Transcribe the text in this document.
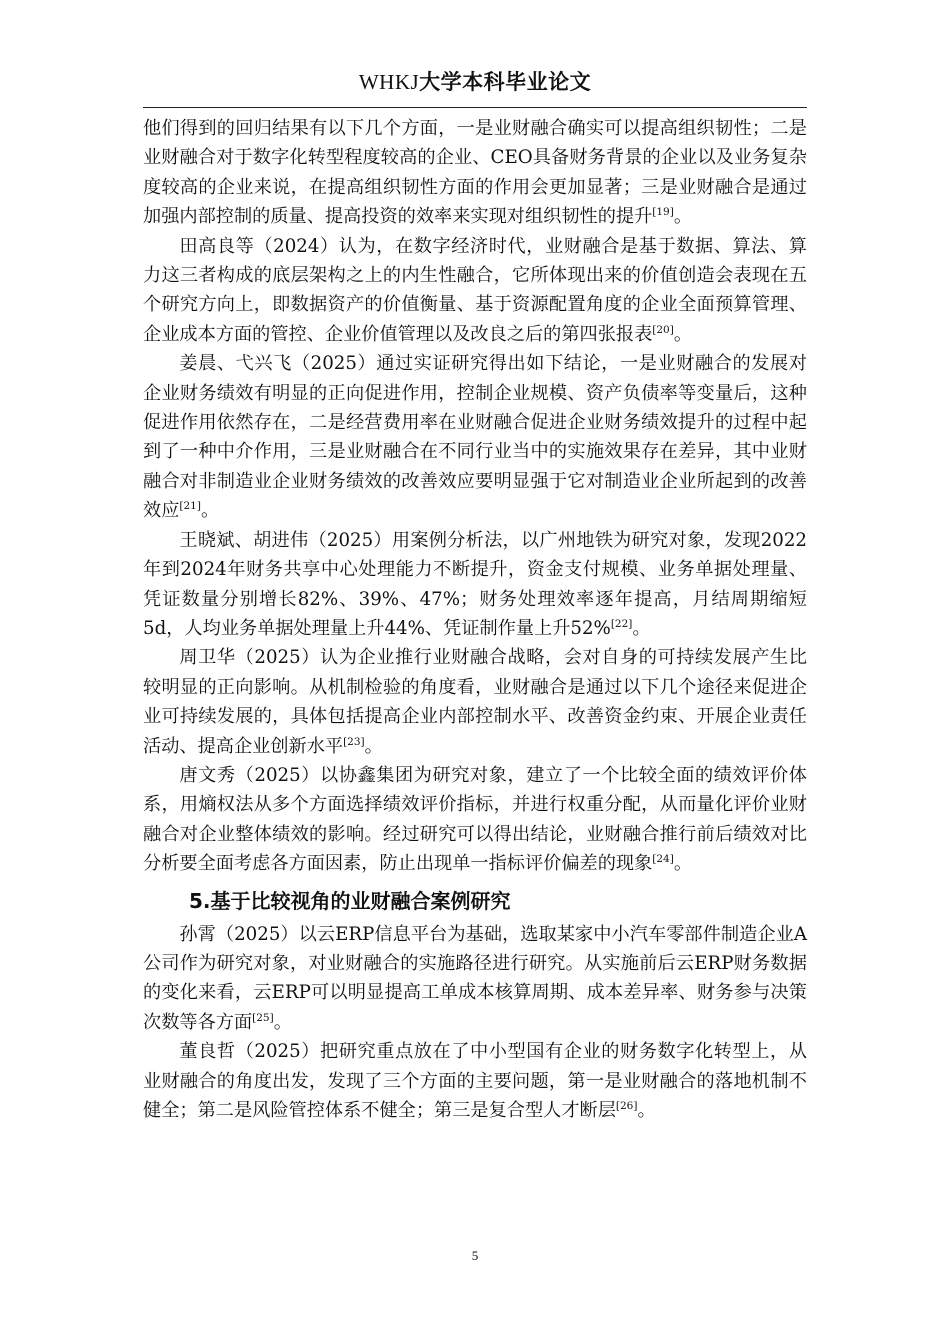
WHKJ大学本科毕业论文

他们得到的回归结果有以下几个方面，一是业财融合确实可以提高组织韧性；二是业财融合对于数字化转型程度较高的企业、CEO具备财务背景的企业以及业务复杂度较高的企业来说，在提高组织韧性方面的作用会更加显著；三是业财融合是通过加强内部控制的质量、提高投资的效率来实现对组织韧性的提升[19]。

田高良等（2024）认为，在数字经济时代，业财融合是基于数据、算法、算力这三者构成的底层架构之上的内生性融合，它所体现出来的价值创造会表现在五个研究方向上，即数据资产的价值衡量、基于资源配置角度的企业全面预算管理、企业成本方面的管控、企业价值管理以及改良之后的第四张报表[20]。

姜晨、弋兴飞（2025）通过实证研究得出如下结论，一是业财融合的发展对企业财务绩效有明显的正向促进作用，控制企业规模、资产负债率等变量后，这种促进作用依然存在，二是经营费用率在业财融合促进企业财务绩效提升的过程中起到了一种中介作用，三是业财融合在不同行业当中的实施效果存在差异，其中业财融合对非制造业企业财务绩效的改善效应要明显强于它对制造业企业所起到的改善效应[21]。

王晓斌、胡进伟（2025）用案例分析法，以广州地铁为研究对象，发现2022年到2024年财务共享中心处理能力不断提升，资金支付规模、业务单据处理量、凭证数量分别增长82%、39%、47%；财务处理效率逐年提高，月结周期缩短5d，人均业务单据处理量上升44%、凭证制作量上升52%[22]。

周卫华（2025）认为企业推行业财融合战略，会对自身的可持续发展产生比较明显的正向影响。从机制检验的角度看，业财融合是通过以下几个途径来促进企业可持续发展的，具体包括提高企业内部控制水平、改善资金约束、开展企业责任活动、提高企业创新水平[23]。

唐文秀（2025）以协鑫集团为研究对象，建立了一个比较全面的绩效评价体系，用熵权法从多个方面选择绩效评价指标，并进行权重分配，从而量化评价业财融合对企业整体绩效的影响。经过研究可以得出结论，业财融合推行前后绩效对比分析要全面考虑各方面因素，防止出现单一指标评价偏差的现象[24]。

5.基于比较视角的业财融合案例研究

孙霄（2025）以云ERP信息平台为基础，选取某家中小汽车零部件制造企业A公司作为研究对象，对业财融合的实施路径进行研究。从实施前后云ERP财务数据的变化来看，云ERP可以明显提高工单成本核算周期、成本差异率、财务参与决策次数等各方面[25]。

董良哲（2025）把研究重点放在了中小型国有企业的财务数字化转型上，从业财融合的角度出发，发现了三个方面的主要问题，第一是业财融合的落地机制不健全；第二是风险管控体系不健全；第三是复合型人才断层[26]。

5
